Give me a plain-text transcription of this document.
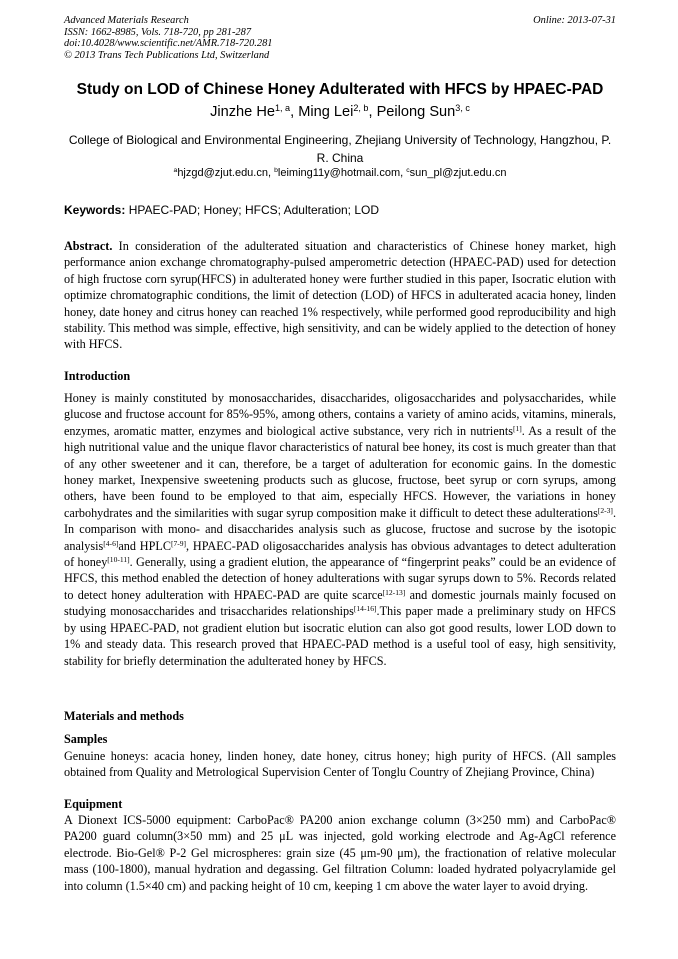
Advanced Materials Research
ISSN: 1662-8985, Vols. 718-720, pp 281-287
doi:10.4028/www.scientific.net/AMR.718-720.281
© 2013 Trans Tech Publications Ltd, Switzerland
Online: 2013-07-31
Study on LOD of Chinese Honey Adulterated with HFCS by HPAEC-PAD
Jinzhe He$^{1, a}$, Ming Lei$^{2, b}$, Peilong Sun$^{3, c}$
College of Biological and Environmental Engineering, Zhejiang University of Technology, Hangzhou, P. R. China
$^a$hjzgd@zjut.edu.cn, $^b$leiming11y@hotmail.com, $^c$sun_pl@zjut.edu.cn
Keywords: HPAEC-PAD; Honey; HFCS; Adulteration; LOD

Abstract. In consideration of the adulterated situation and characteristics of Chinese honey market, high performance anion exchange chromatography-pulsed amperometric detection (HPAEC-PAD) used for detection of high fructose corn syrup(HFCS) in adulterated honey were further studied in this paper, Isocratic elution with optimize chromatographic conditions, the limit of detection (LOD) of HFCS in adulterated acacia honey, linden honey, date honey and citrus honey can reached 1% respectively, while performed good reproducibility and high stability. This method was simple, effective, high sensitivity, and can be widely applied to the detection of honey with HFCS.

Introduction

Honey is mainly constituted by monosaccharides, disaccharides, oligosaccharides and polysaccharides, while glucose and fructose account for 85%-95%, among others, contains a variety of amino acids, vitamins, minerals, enzymes, aromatic matter, enzymes and biological active substance, very rich in nutrients[1]. As a result of the high nutritional value and the unique flavor characteristics of natural bee honey, its cost is much greater than that of any other sweetener and it can, therefore, be a target of adulteration for economic gains. In the domestic honey market, Inexpensive sweetening products such as glucose, fructose, beet syrup or corn syrups, among others, have been found to be employed to that aim, especially HFCS. However, the variations in honey carbohydrates and the similarities with sugar syrup composition make it difficult to detect these adulterations[2-3]. In comparison with mono- and disaccharides analysis such as glucose, fructose and sucrose by the isotopic analysis[4-6]and HPLC[7-9], HPAEC-PAD oligosaccharides analysis has obvious advantages to detect adulteration of honey[10-11]. Generally, using a gradient elution, the appearance of “fingerprint peaks” could be an evidence of HFCS, this method enabled the detection of honey adulterations with sugar syrups down to 5%. Records related to detect honey adulteration with HPAEC-PAD are quite scarce[12-13] and domestic journals mainly focused on studying monosaccharides and trisaccharides relationships[14-16].This paper made a preliminary study on HFCS by using HPAEC-PAD, not gradient elution but isocratic elution can also got good results, lower LOD down to 1% and steady data. This research proved that HPAEC-PAD method is a useful tool of easy, high sensitivity, stability for briefly determination the adulterated honey by HFCS.

Materials and methods
Samples

Genuine honeys: acacia honey, linden honey, date honey, citrus honey; high purity of HFCS. (All samples obtained from Quality and Metrological Supervision Center of Tonglu Country of Zhejiang Province, China)

Equipment

A Dionext ICS-5000 equipment: CarboPac® PA200 anion exchange column (3×250 mm) and CarboPac® PA200 guard column(3×50 mm) and 25 μL was injected, gold working electrode and Ag-AgCl reference electrode. Bio-Gel® P-2 Gel microspheres: grain size (45 μm-90 μm), the fractionation of relative molecular mass (100-1800), manual hydration and degassing. Gel filtration Column: loaded hydrated polyacrylamide gel into column (1.5×40 cm) and packing height of 10 cm, keeping 1 cm above the water layer to avoid drying.
